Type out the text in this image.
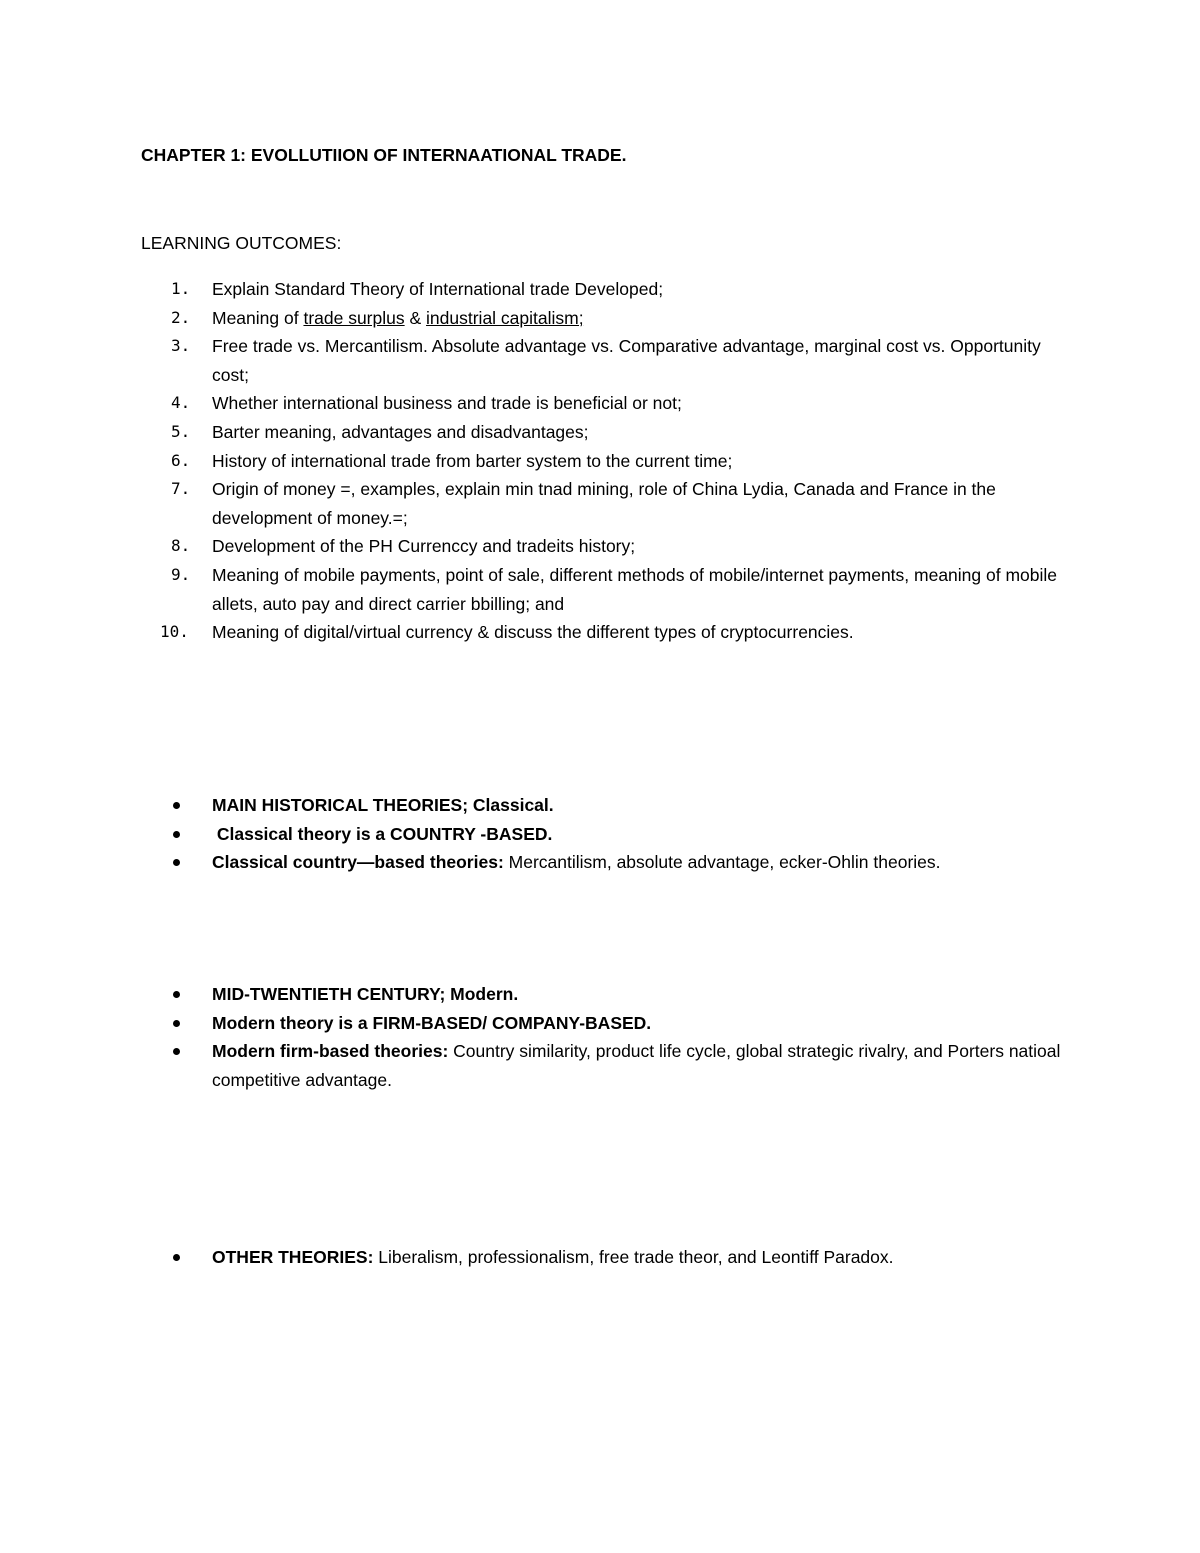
CHAPTER 1: EVOLLUTIION OF INTERNAATIONAL TRADE.
LEARNING OUTCOMES:
1. Explain Standard Theory of International trade Developed;
2. Meaning of trade surplus & industrial capitalism;
3. Free trade vs. Mercantilism. Absolute advantage vs. Comparative advantage, marginal cost vs. Opportunity cost;
4. Whether international business and trade is beneficial or not;
5. Barter meaning, advantages and disadvantages;
6. History of international trade from barter system to the current time;
7. Origin of money =, examples, explain min tnad mining, role of China Lydia, Canada and France in the development of money.=;
8. Development of the PH Currenccy and tradeits history;
9. Meaning of mobile payments, point of sale, different methods of mobile/internet payments, meaning of mobile allets, auto pay and direct carrier bbilling; and
10. Meaning of digital/virtual currency & discuss the different types of cryptocurrencies.
MAIN HISTORICAL THEORIES; Classical.
Classical theory is a COUNTRY -BASED.
Classical country—based theories: Mercantilism, absolute advantage, ecker-Ohlin theories.
MID-TWENTIETH CENTURY; Modern.
Modern theory is a FIRM-BASED/ COMPANY-BASED.
Modern firm-based theories: Country similarity, product life cycle, global strategic rivalry, and Porters natioal competitive advantage.
OTHER THEORIES: Liberalism, professionalism, free trade theor, and Leontiff Paradox.
